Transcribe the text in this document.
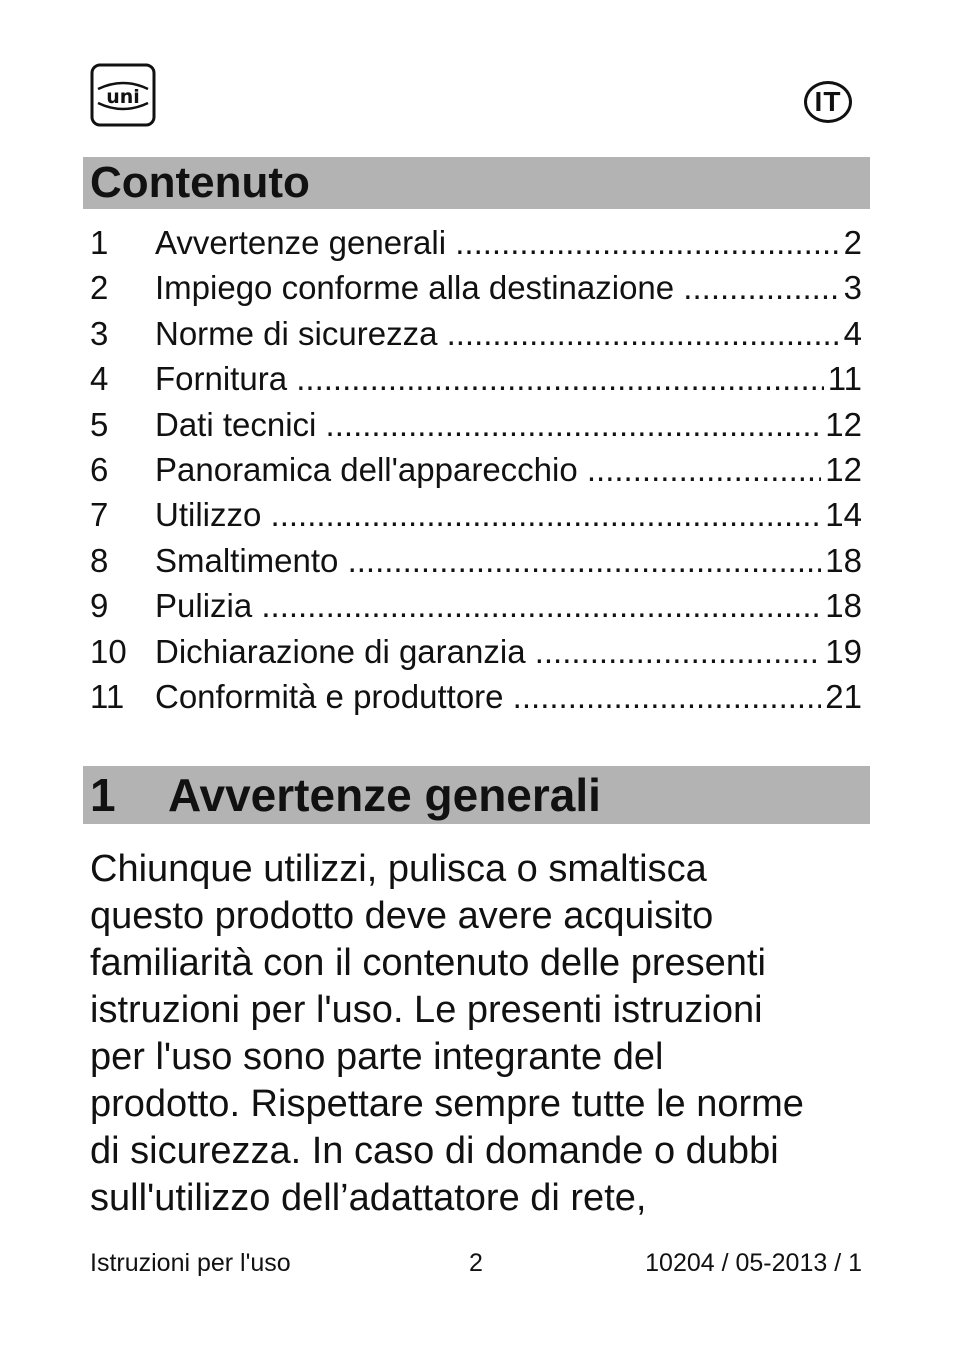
uni	IT
Contenuto
1	Avvertenze generali .....	2
2	Impiego conforme alla destinazione .....	3
3	Norme di sicurezza .....	4
4	Fornitura .....	11
5	Dati tecnici .....	12
6	Panoramica dell'apparecchio .....	12
7	Utilizzo .....	14
8	Smaltimento .....	18
9	Pulizia .....	18
10 Dichiarazione di garanzia .....	19
11 Conformità e produttore .....	21
1	Avvertenze generali
Chiunque utilizzi, pulisca o smaltisca
questo prodotto deve avere acquisito
familiarità con il contenuto delle presenti
istruzioni per l'uso. Le presenti istruzioni
per l'uso sono parte integrante del
prodotto. Rispettare sempre tutte le norme
di sicurezza. In caso di domande o dubbi
sull'utilizzo dell’adattatore di rete,
Istruzioni per l'uso	2	10204 / 05-2013 / 1
